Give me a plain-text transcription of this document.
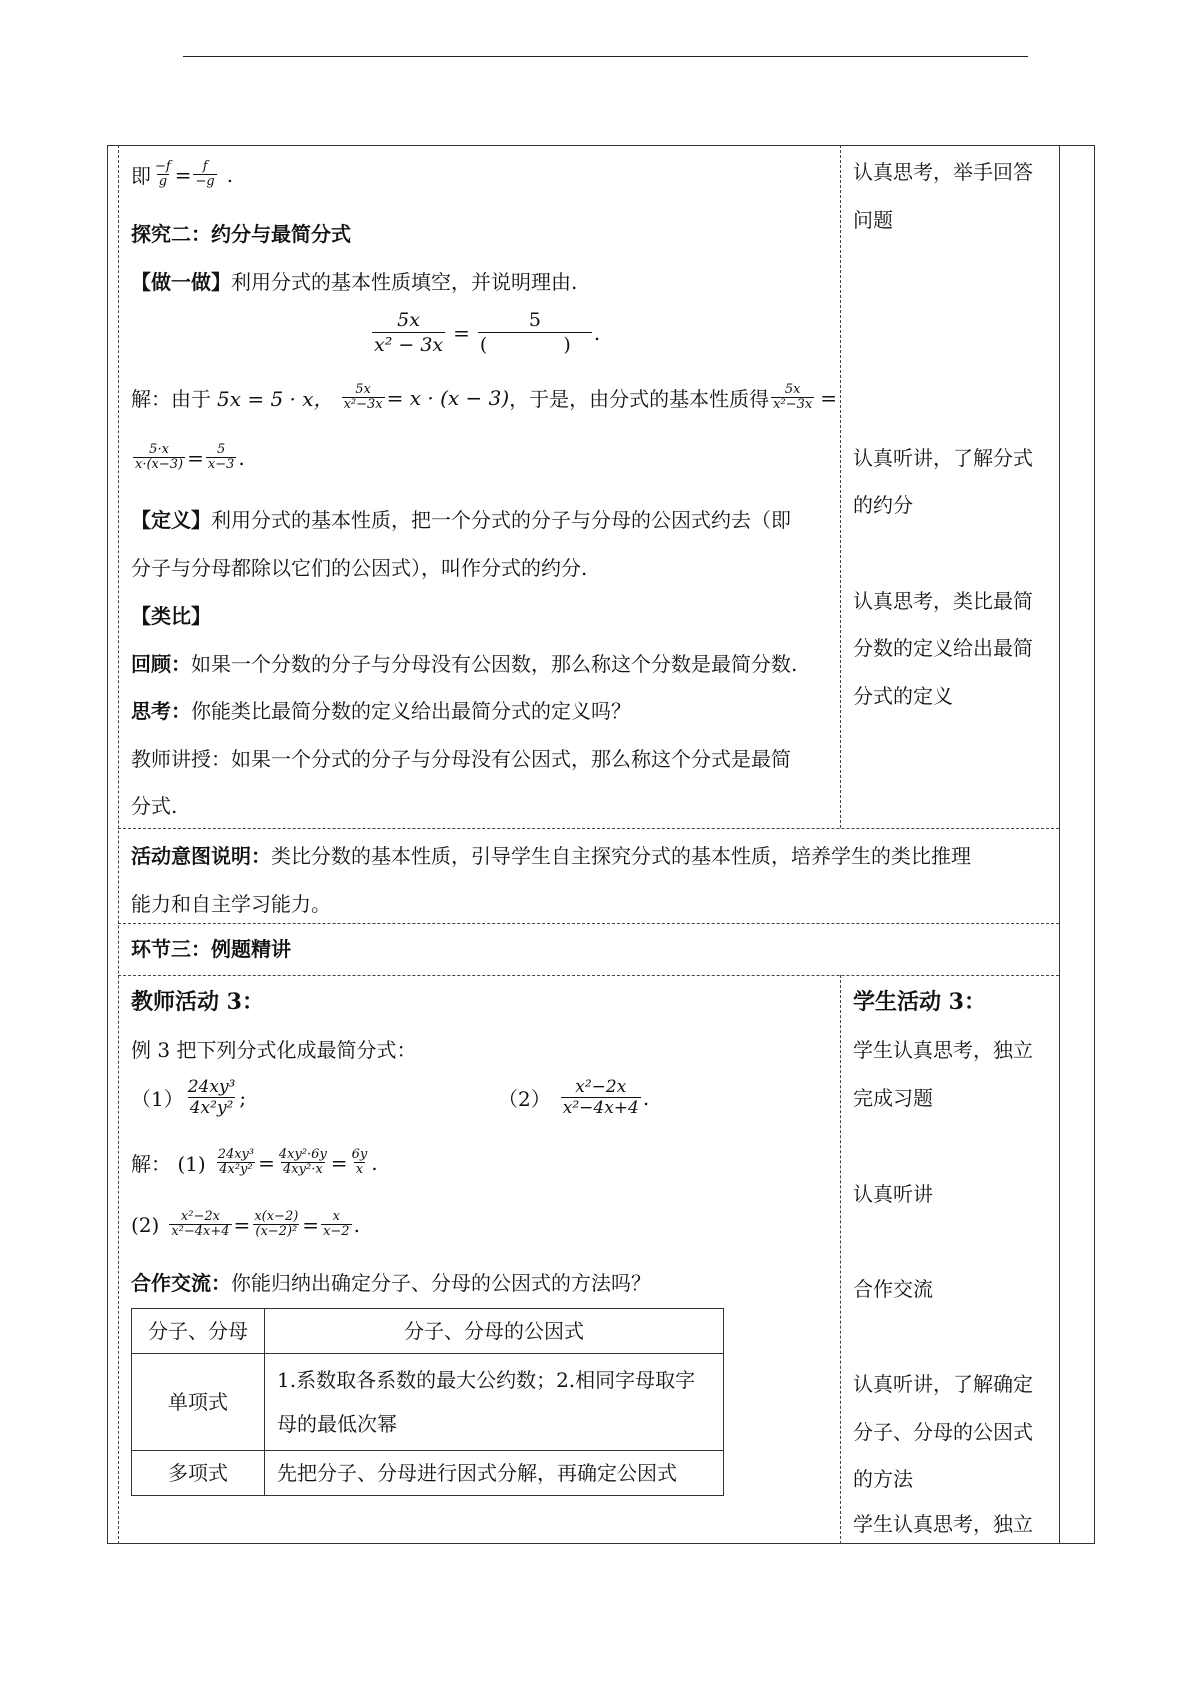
即 $\frac{-f}{g} = \frac{f}{-g}$ .
探究二：约分与最简分式
【做一做】利用分式的基本性质填空，并说明理由.
$\frac{5x}{\text{x² − 3x}} = \frac{5}{( )}$ .
解：由于 5x = 5 · x， $\frac{5x}{\text{x²−3x}} = x \cdot (x - 3)$ ，于是，由分式的基本性质得 $\frac{5x}{\text{x²−3x}}$ =
$\frac{5\cdot x}{x\cdot(x-3)} = \frac{5}{x-3}$ .
【定义】利用分式的基本性质，把一个分式的分子与分母的公因式约去（即
分子与分母都除以它们的公因式），叫作分式的约分.
【类比】
回顾：如果一个分数的分子与分母没有公因数，那么称这个分数是最简分数.
思考：你能类比最简分数的定义给出最简分式的定义吗？
教师讲授：如果一个分式的分子与分母没有公因式，那么称这个分式是最简
分式.
认真思考，举手回答
问题
认真听讲，了解分式
的约分
认真思考，类比最简
分数的定义给出最简
分式的定义
活动意图说明：类比分数的基本性质，引导学生自主探究分式的基本性质，培养学生的类比推理
能力和自主学习能力。
环节三：例题精讲
教师活动 3：
例 3 把下列分式化成最简分式：
$(1) \frac{\text{24xy³}}{\text{4x²y²}}$ ;	$(2) \frac{\text{x²−2x}}{\text{x²−4x+4}}$ .
解： $(1) \frac{\text{24xy³}}{\text{4x²y²}} = \frac{\text{4xy²·6y}}{\text{4xy²·x}} = \frac{6y}{x}$ .
$(2) \frac{\text{x²−2x}}{\text{x²−4x+4}} = \frac{x(x-2)}{\text{(x−2)²}} = \frac{x}{x-2}$ .
合作交流：你能归纳出确定分子、分母的公因式的方法吗？
分子、分母	分子、分母的公因式
单项式	1.系数取各系数的最大公约数；2.相同字母取字
母的最低次幂

多项式	先把分子、分母进行因式分解，再确定公因式
学生活动 3：
学生认真思考，独立
完成习题
认真听讲
合作交流
认真听讲，了解确定
分子、分母的公因式
的方法
学生认真思考，独立
